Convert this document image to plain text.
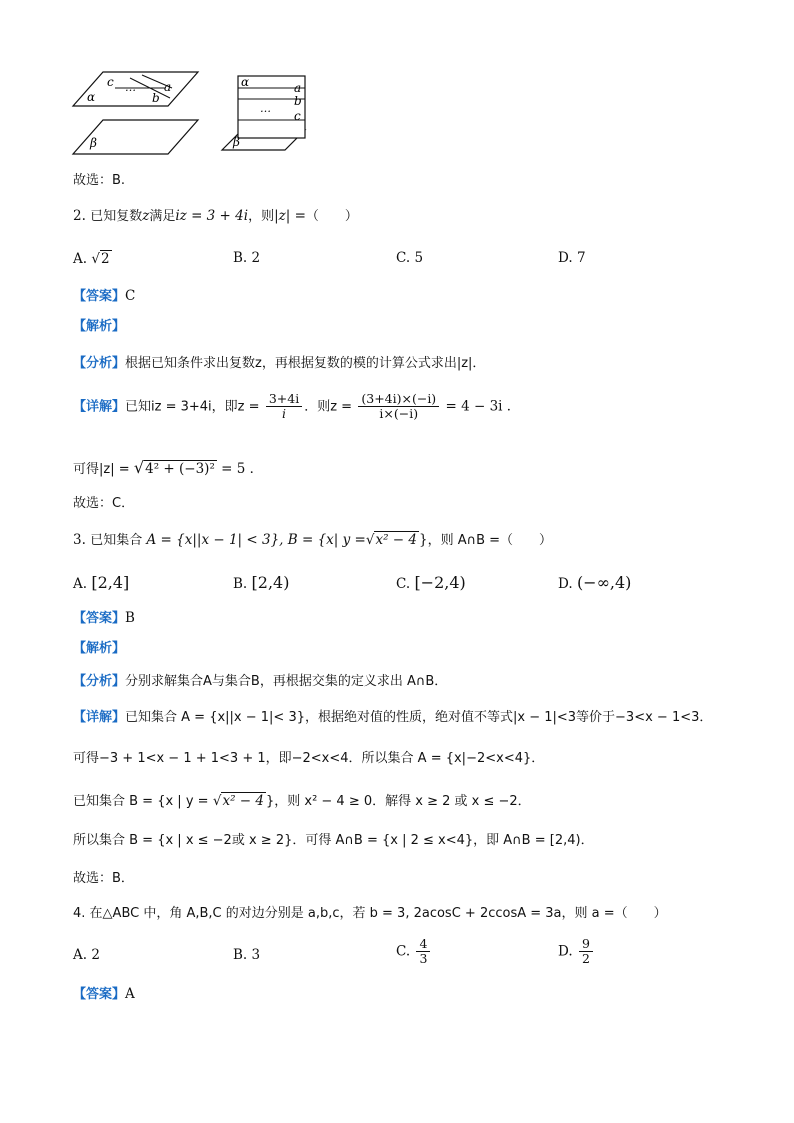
c … a
α	b
β
α	a
b
…
c
β
故选：B.
2. 已知复数z满足iz = 3 + 4i，则|z| =（　　）
A. √ 2	B. 2	C. 5	D. 7
【答案】C
【解析】
【分析】根据已知条件求出复数z，再根据复数的模的计算公式求出|z|．
【详解】已知iz = 3+4i，即$z = \frac{3+4i}{i}$ ．则$z = \frac{(3+4i)\times(-i)}{i\times(-i)} = 4 - 3i$ ．
可得|z| = √ 4² + (−3)² = 5 ．
故选：C．
3. 已知集合 A = {x||x − 1| < 3}, B = {x| y =√ x² − 4 }，则 A∩B =（　　）
A. [2,4]	B. [2,4)	C. [−2,4)	D. (−∞,4)
【答案】B
【解析】
【分析】分别求解集合A与集合B，再根据交集的定义求出 A∩B．
【详解】已知集合 A = {x||x − 1|< 3}，根据绝对值的性质，绝对值不等式|x − 1|<3等价于−3<x − 1<3．
可得−3 + 1<x − 1 + 1<3 + 1，即−2<x<4．所以集合 A = {x|−2<x<4}．
已知集合 B = {x | y = √ x² − 4 }，则 x² − 4 ≥ 0．解得 x ≥ 2 或 x ≤ −2．
所以集合 B = {x | x ≤ −2或 x ≥ 2}．可得 A∩B = {x | 2 ≤ x<4}，即 A∩B = [2,4)．
故选：B．
4. 在△ABC 中，角 A,B,C 的对边分别是 a,b,c，若 b = 3, 2acosC + 2ccosA = 3a，则 a =（　　）
A. 2	B. 3	C. $\frac{4}{3}$	D. $\frac{9}{2}$
【答案】A
